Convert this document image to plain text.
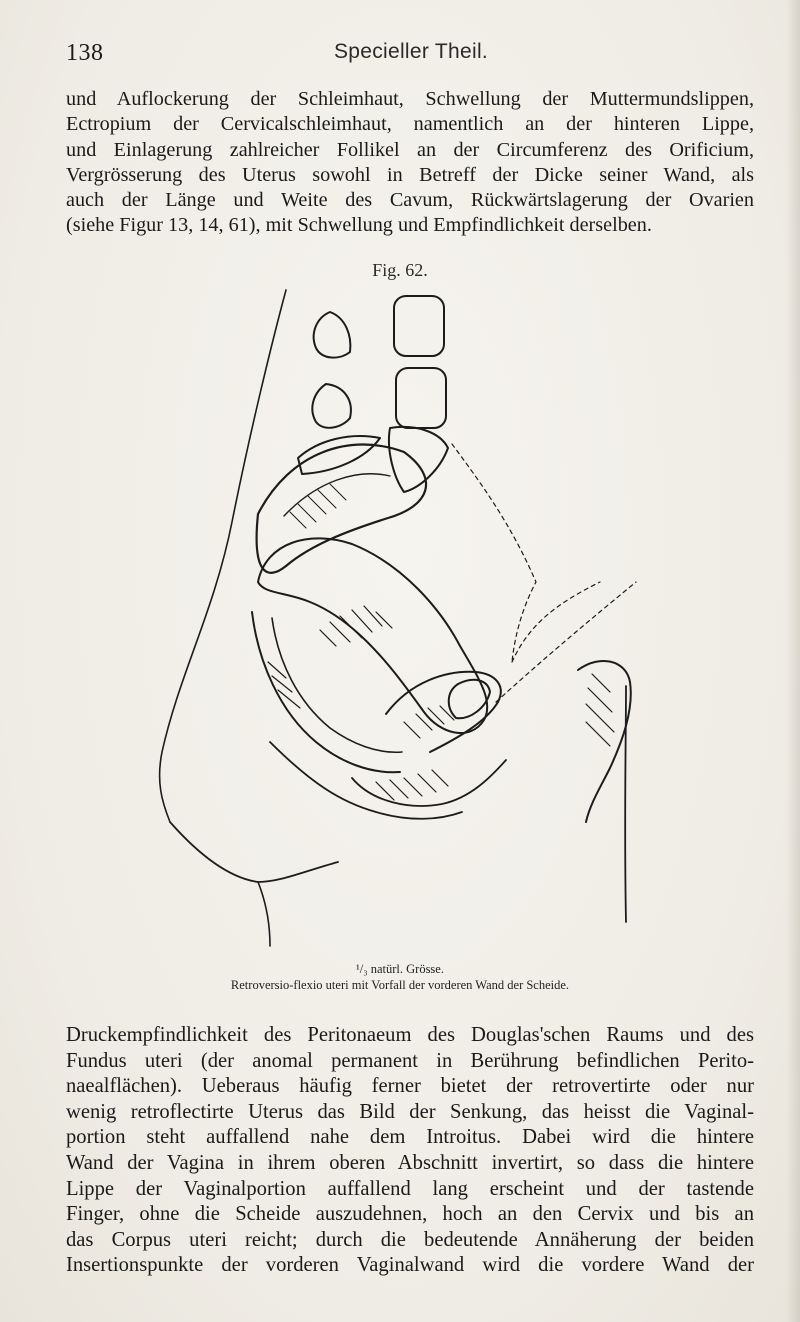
138	Specieller Theil.

und Auflockerung der Schleimhaut, Schwellung der Muttermundslippen,
Ectropium der Cervicalschleimhaut, namentlich an der hinteren Lippe,
und Einlagerung zahlreicher Follikel an der Circumferenz des Orificium,
Vergrösserung des Uterus sowohl in Betreff der Dicke seiner Wand, als
auch der Länge und Weite des Cavum, Rückwärtslagerung der Ovarien
(siehe Figur 13, 14, 61), mit Schwellung und Empfindlichkeit derselben.

Fig. 62.
¹/₃ natürl. Grösse.
Retroversio-flexio uteri mit Vorfall der vorderen Wand der Scheide.

Druckempfindlichkeit des Peritonaeum des Douglas'schen Raums und des
Fundus uteri (der anomal permanent in Berührung befindlichen Perito-
naealflächen). Ueberaus häufig ferner bietet der retrovertirte oder nur
wenig retroflectirte Uterus das Bild der Senkung, das heisst die Vaginal-
portion steht auffallend nahe dem Introitus. Dabei wird die hintere
Wand der Vagina in ihrem oberen Abschnitt invertirt, so dass die hintere
Lippe der Vaginalportion auffallend lang erscheint und der tastende
Finger, ohne die Scheide auszudehnen, hoch an den Cervix und bis an
das Corpus uteri reicht; durch die bedeutende Annäherung der beiden
Insertionspunkte der vorderen Vaginalwand wird die vordere Wand der
